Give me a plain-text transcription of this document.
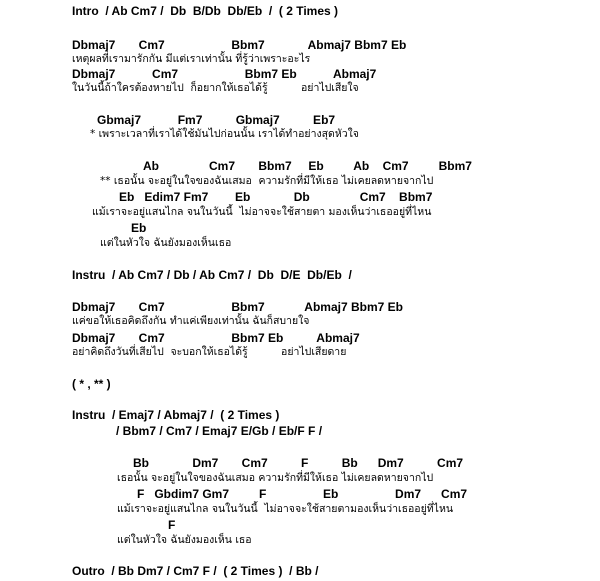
Intro  / Ab Cm7 /  Db  B/Db  Db/Eb  /  ( 2 Times )
Dbmaj7       Cm7                    Bbm7             Abmaj7 Bbm7 Eb
เหตุผลที่เรามารักกัน มีแต่เราเท่านั้น ที่รู้ว่าเพราะอะไร
Dbmaj7           Cm7                    Bbm7 Eb           Abmaj7
ในวันนี้ถ้าใครต้องหายไป  ก็อยากให้เธอได้รู้          อย่าไปเสียใจ
Gbmaj7           Fm7          Gbmaj7          Eb7
* เพราะเวลาที่เราได้ใช้มันไปก่อนนั้น เราได้ทำอย่างสุดหัวใจ
Ab               Cm7       Bbm7     Eb         Ab    Cm7         Bbm7
** เธอนั้น จะอยู่ในใจของฉันเสมอ  ความรักที่มีให้เธอ ไม่เคยลดหายจากไป
Eb   Edim7 Fm7        Eb             Db               Cm7    Bbm7
แม้เราจะอยู่แสนไกล จนในวันนี้  ไม่อาจจะใช้สายตา มองเห็นว่าเธออยู่ที่ไหน
Eb
แต่ในหัวใจ ฉันยังมองเห็นเธอ
Instru  / Ab Cm7 / Db / Ab Cm7 /  Db  D/E  Db/Eb  /
Dbmaj7       Cm7                    Bbm7            Abmaj7 Bbm7 Eb
แค่ขอให้เธอคิดถึงกัน ทำแค่เพียงเท่านั้น ฉันก็สบายใจ
Dbmaj7       Cm7                    Bbm7 Eb          Abmaj7
อย่าคิดถึงวันที่เสียไป  จะบอกให้เธอได้รู้          อย่าไปเสียดาย
( * , ** )
Instru  / Emaj7 / Abmaj7 /  ( 2 Times )
/ Bbm7 / Cm7 / Emaj7 E/Gb / Eb/F F /
Bb             Dm7       Cm7          F          Bb      Dm7          Cm7
เธอนั้น จะอยู่ในใจของฉันเสมอ ความรักที่มีให้เธอ ไม่เคยลดหายจากไป
F   Gbdim7 Gm7         F                 Eb                 Dm7      Cm7
แม้เราจะอยู่แสนไกล จนในวันนี้  ไม่อาจจะใช้สายตามองเห็นว่าเธออยู่ที่ไหน
F
แต่ในหัวใจ ฉันยังมองเห็น เธอ
Outro  / Bb Dm7 / Cm7 F /  ( 2 Times )  / Bb /
